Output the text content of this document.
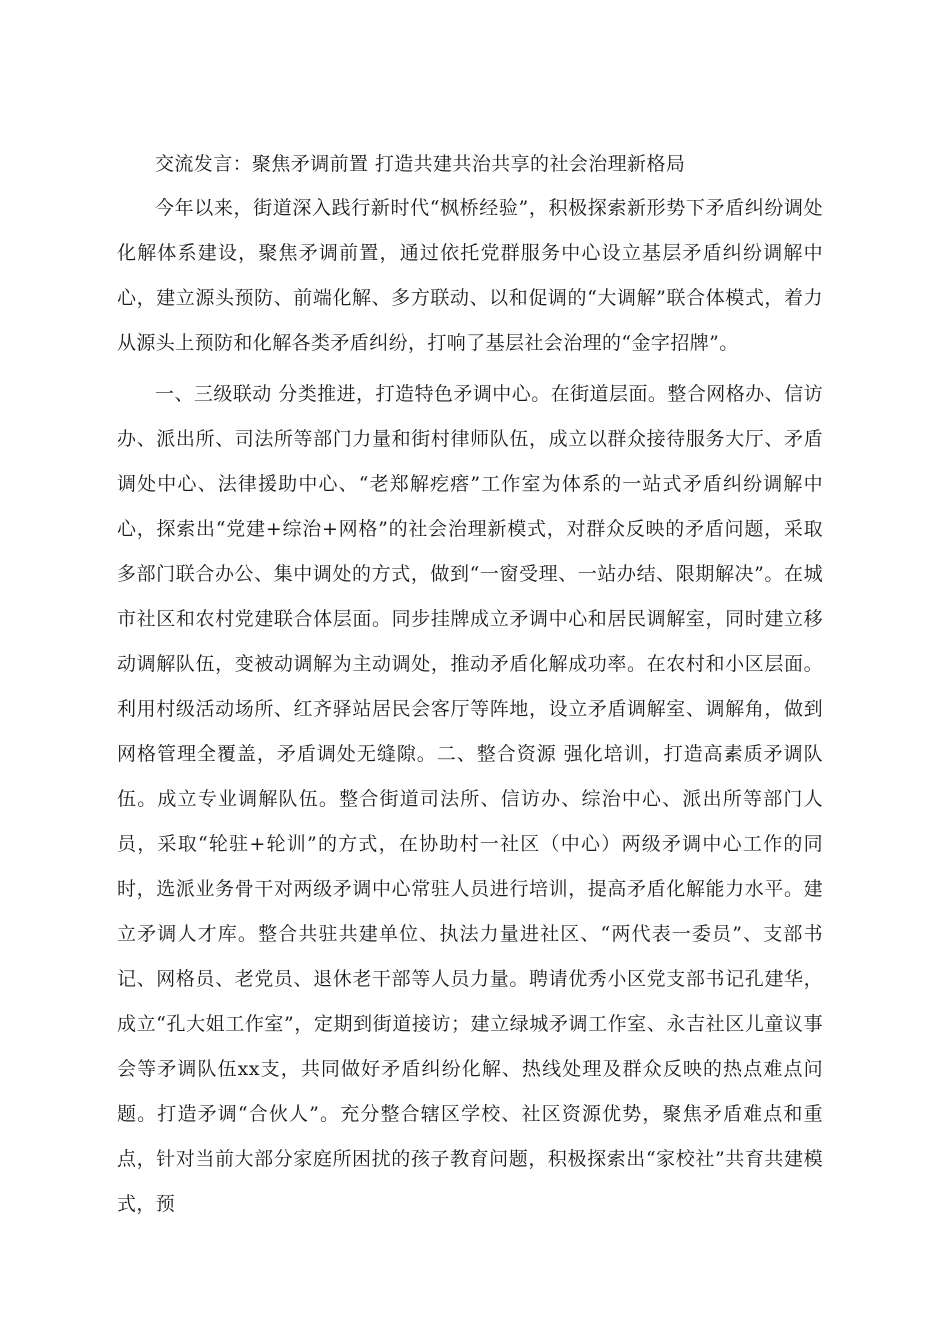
交流发言：聚焦矛调前置 打造共建共治共享的社会治理新格局

今年以来，街道深入践行新时代“枫桥经验”，积极探索新形势下矛盾纠纷调处化解体系建设，聚焦矛调前置，通过依托党群服务中心设立基层矛盾纠纷调解中心，建立源头预防、前端化解、多方联动、以和促调的“大调解”联合体模式，着力从源头上预防和化解各类矛盾纠纷，打响了基层社会治理的“金字招牌”。

一、三级联动 分类推进，打造特色矛调中心。在街道层面。整合网格办、信访办、派出所、司法所等部门力量和街村律师队伍，成立以群众接待服务大厅、矛盾调处中心、法律援助中心、“老郑解疙瘩”工作室为体系的一站式矛盾纠纷调解中心，探索出“党建+综治+网格”的社会治理新模式，对群众反映的矛盾问题，采取多部门联合办公、集中调处的方式，做到“一窗受理、一站办结、限期解决”。在城市社区和农村党建联合体层面。同步挂牌成立矛调中心和居民调解室，同时建立移动调解队伍，变被动调解为主动调处，推动矛盾化解成功率。在农村和小区层面。利用村级活动场所、红齐驿站居民会客厅等阵地，设立矛盾调解室、调解角，做到网格管理全覆盖，矛盾调处无缝隙。二、整合资源 强化培训，打造高素质矛调队伍。成立专业调解队伍。整合街道司法所、信访办、综治中心、派出所等部门人员，采取“轮驻+轮训”的方式，在协助村一社区（中心）两级矛调中心工作的同时，选派业务骨干对两级矛调中心常驻人员进行培训，提高矛盾化解能力水平。建立矛调人才库。整合共驻共建单位、执法力量进社区、“两代表一委员”、支部书记、网格员、老党员、退休老干部等人员力量。聘请优秀小区党支部书记孔建华，成立“孔大姐工作室”，定期到街道接访；建立绿城矛调工作室、永吉社区儿童议事会等矛调队伍xx支，共同做好矛盾纠纷化解、热线处理及群众反映的热点难点问题。打造矛调“合伙人”。充分整合辖区学校、社区资源优势，聚焦矛盾难点和重点，针对当前大部分家庭所困扰的孩子教育问题，积极探索出“家校社”共育共建模式，预
